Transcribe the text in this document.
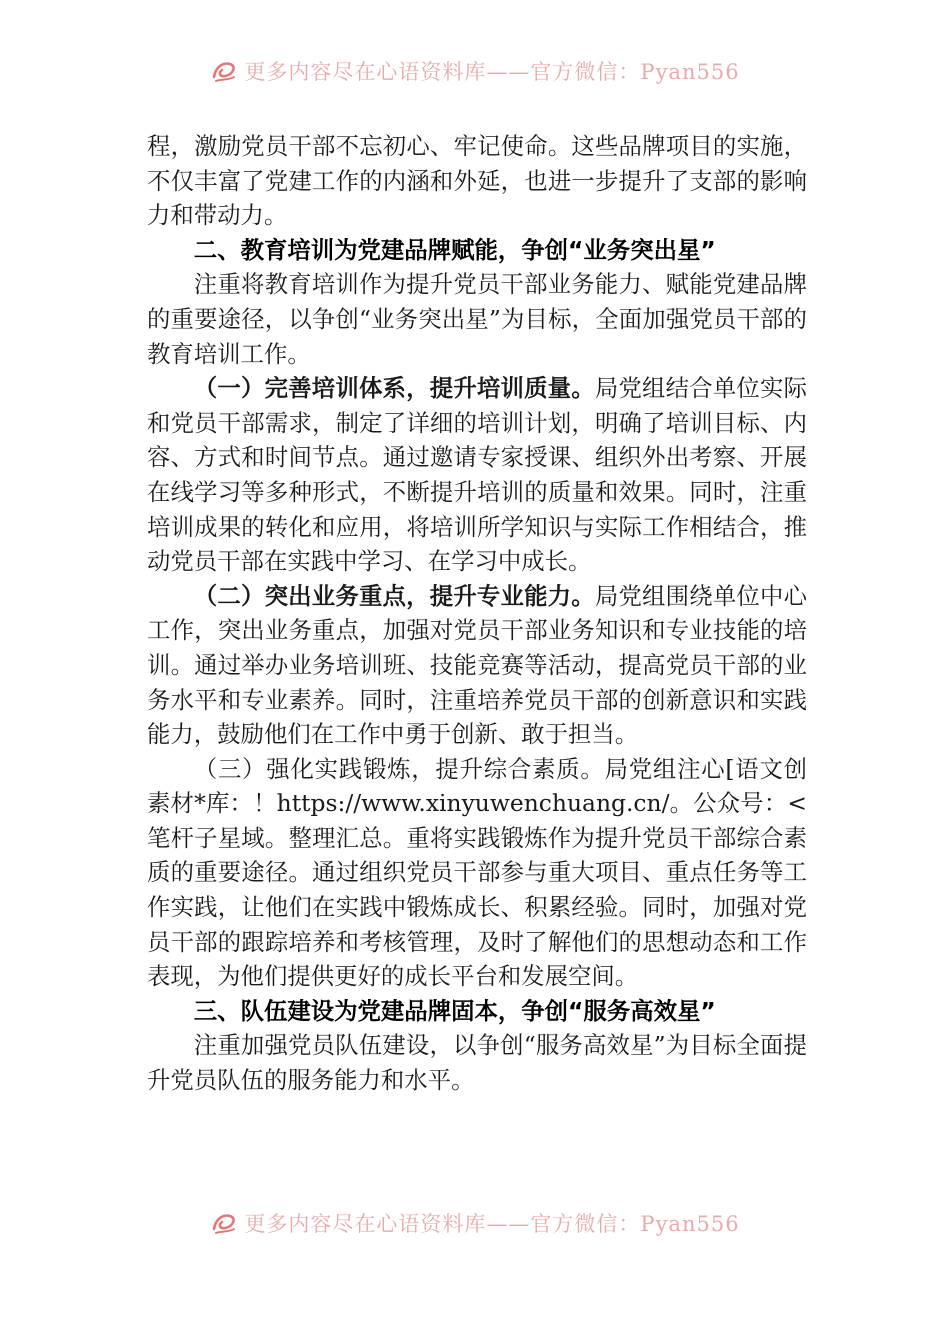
更多内容尽在心语资料库——官方微信：Pyan556

程，激励党员干部不忘初心、牢记使命。这些品牌项目的实施，不仅丰富了党建工作的内涵和外延，也进一步提升了支部的影响力和带动力。

二、教育培训为党建品牌赋能，争创“业务突出星”

注重将教育培训作为提升党员干部业务能力、赋能党建品牌的重要途径，以争创“业务突出星”为目标，全面加强党员干部的教育培训工作。

（一）完善培训体系，提升培训质量。局党组结合单位实际和党员干部需求，制定了详细的培训计划，明确了培训目标、内容、方式和时间节点。通过邀请专家授课、组织外出考察、开展在线学习等多种形式，不断提升培训的质量和效果。同时，注重培训成果的转化和应用，将培训所学知识与实际工作相结合，推动党员干部在实践中学习、在学习中成长。

（二）突出业务重点，提升专业能力。局党组围绕单位中心工作，突出业务重点，加强对党员干部业务知识和专业技能的培训。通过举办业务培训班、技能竞赛等活动，提高党员干部的业务水平和专业素养。同时，注重培养党员干部的创新意识和实践能力，鼓励他们在工作中勇于创新、敢于担当。

（三）强化实践锻炼，提升综合素质。局党组注心[语文创素材*库：！https://www.xinyuwenchuang.cn/。公众号：<笔杆子星域。整理汇总。重将实践锻炼作为提升党员干部综合素质的重要途径。通过组织党员干部参与重大项目、重点任务等工作实践，让他们在实践中锻炼成长、积累经验。同时，加强对党员干部的跟踪培养和考核管理，及时了解他们的思想动态和工作表现，为他们提供更好的成长平台和发展空间。

三、队伍建设为党建品牌固本，争创“服务高效星”

注重加强党员队伍建设，以争创“服务高效星”为目标全面提升党员队伍的服务能力和水平。

更多内容尽在心语资料库——官方微信：Pyan556
